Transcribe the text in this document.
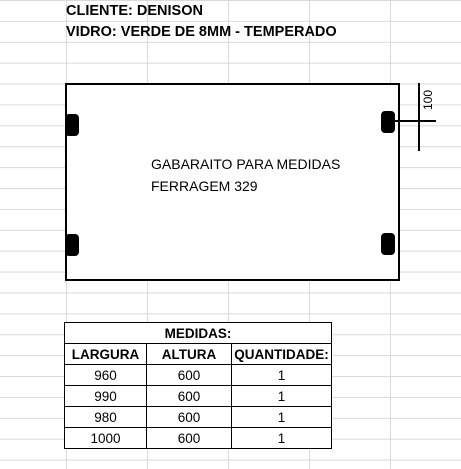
CLIENTE: DENISON
VIDRO: VERDE DE 8MM - TEMPERADO
GABARAITO PARA MEDIDAS
FERRAGEM 329
100
MEDIDAS:		
LARGURA	ALTURA	QUANTIDADE:
960	600	1
990	600	1
980	600	1
1000	600	1
